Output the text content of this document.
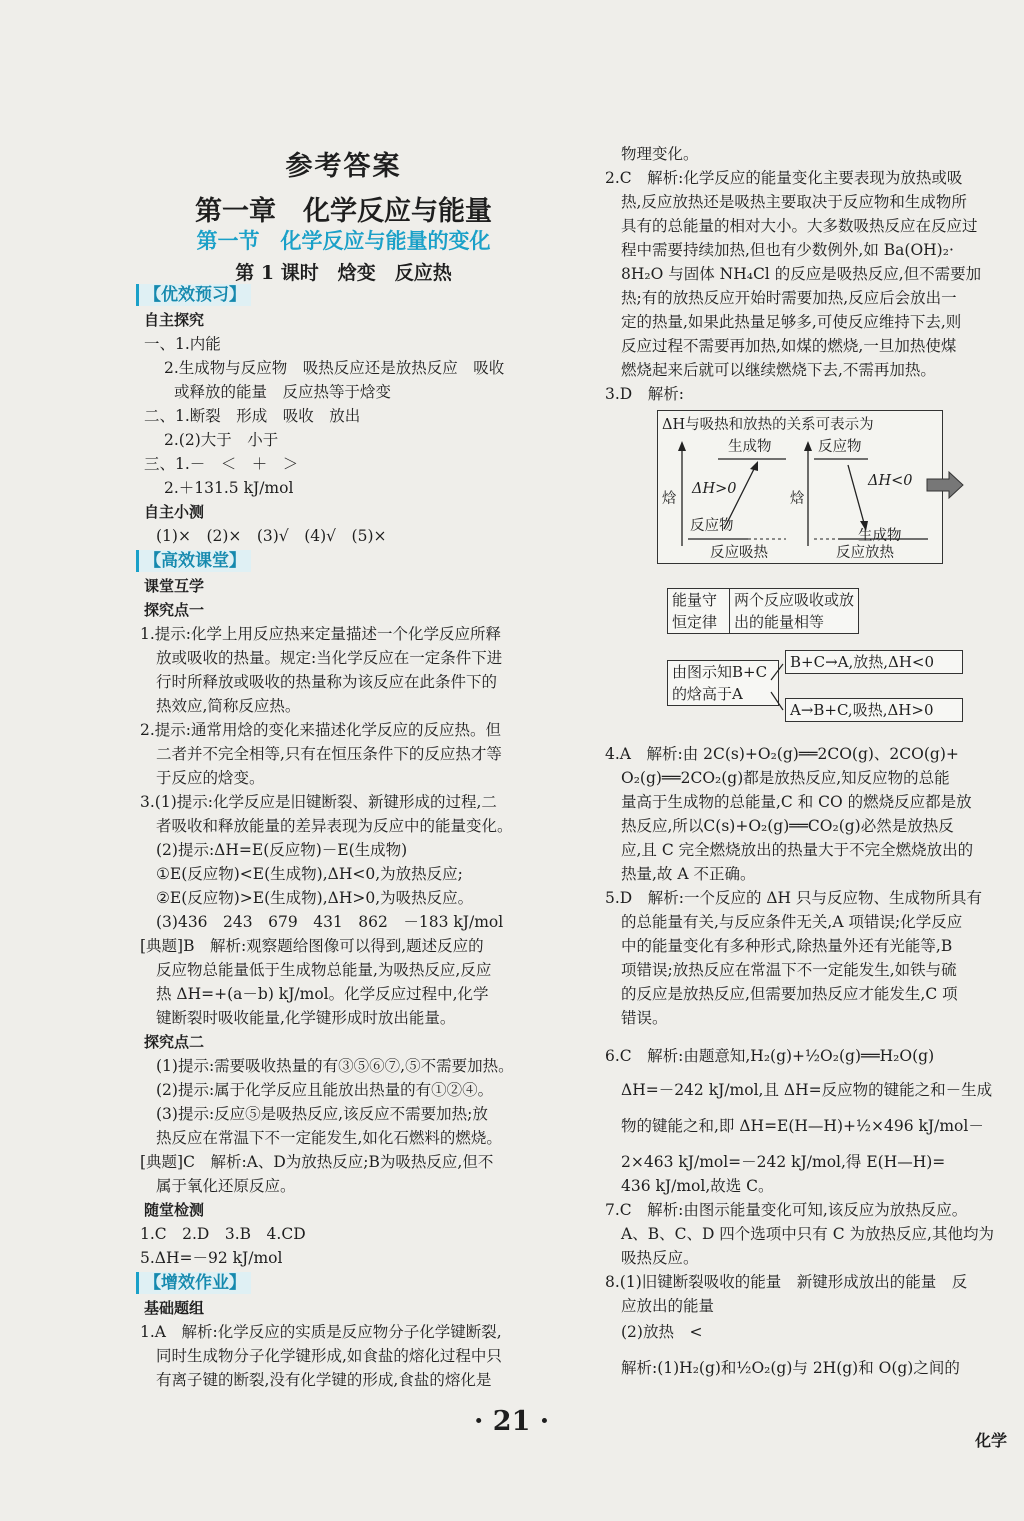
参考答案
第一章　化学反应与能量
第一节　化学反应与能量的变化
第 1 课时　焓变　反应热
【优效预习】
自主探究
一、1.内能
2.生成物与反应物　吸热反应还是放热反应　吸收
或释放的能量　反应热等于焓变
二、1.断裂　形成　吸收　放出
2.(2)大于　小于
三、1.－　＜　＋　＞
2.＋131.5 kJ/mol
自主小测
(1)×　(2)×　(3)√　(4)√　(5)×
【高效课堂】
课堂互学
探究点一
1.提示:化学上用反应热来定量描述一个化学反应所释
放或吸收的热量。规定:当化学反应在一定条件下进
行时所释放或吸收的热量称为该反应在此条件下的
热效应,简称反应热。
2.提示:通常用焓的变化来描述化学反应的反应热。但
二者并不完全相等,只有在恒压条件下的反应热才等
于反应的焓变。
3.(1)提示:化学反应是旧键断裂、新键形成的过程,二
者吸收和释放能量的差异表现为反应中的能量变化。
(2)提示:ΔH=E(反应物)－E(生成物)
①E(反应物)<E(生成物),ΔH<0,为放热反应;
②E(反应物)>E(生成物),ΔH>0,为吸热反应。
(3)436　243　679　431　862　－183 kJ/mol
[典题]B　解析:观察题给图像可以得到,题述反应的
反应物总能量低于生成物总能量,为吸热反应,反应
热 ΔH=+(a－b) kJ/mol。化学反应过程中,化学
键断裂时吸收能量,化学键形成时放出能量。
探究点二
(1)提示:需要吸收热量的有③⑤⑥⑦,⑤不需要加热。
(2)提示:属于化学反应且能放出热量的有①②④。
(3)提示:反应⑤是吸热反应,该反应不需要加热;放
热反应在常温下不一定能发生,如化石燃料的燃烧。
[典题]C　解析:A、D为放热反应;B为吸热反应,但不
属于氧化还原反应。
随堂检测
1.C　2.D　3.B　4.CD
5.ΔH=－92 kJ/mol
【增效作业】
基础题组
1.A　解析:化学反应的实质是反应物分子化学键断裂,
同时生成物分子化学键形成,如食盐的熔化过程中只
有离子键的断裂,没有化学键的形成,食盐的熔化是
物理变化。
2.C　解析:化学反应的能量变化主要表现为放热或吸
热,反应放热还是吸热主要取决于反应物和生成物所
具有的总能量的相对大小。大多数吸热反应在反应过
程中需要持续加热,但也有少数例外,如 Ba(OH)₂·
8H₂O 与固体 NH₄Cl 的反应是吸热反应,但不需要加
热;有的放热反应开始时需要加热,反应后会放出一
定的热量,如果此热量足够多,可使反应维持下去,则
反应过程不需要再加热,如煤的燃烧,一旦加热使煤
燃烧起来后就可以继续燃烧下去,不需再加热。
3.D　解析:
4.A　解析:由 2C(s)+O₂(g)══2CO(g)、2CO(g)+
O₂(g)══2CO₂(g)都是放热反应,知反应物的总能
量高于生成物的总能量,C 和 CO 的燃烧反应都是放
热反应,所以C(s)+O₂(g)══CO₂(g)必然是放热反
应,且 C 完全燃烧放出的热量大于不完全燃烧放出的
热量,故 A 不正确。
5.D　解析:一个反应的 ΔH 只与反应物、生成物所具有
的总能量有关,与反应条件无关,A 项错误;化学反应
中的能量变化有多种形式,除热量外还有光能等,B
项错误;放热反应在常温下不一定能发生,如铁与硫
的反应是放热反应,但需要加热反应才能发生,C 项
错误。
6.C　解析:由题意知,H₂(g)+½O₂(g)══H₂O(g)
ΔH=－242 kJ/mol,且 ΔH=反应物的键能之和－生成
物的键能之和,即 ΔH=E(H—H)+½×496 kJ/mol－
2×463 kJ/mol=－242 kJ/mol,得 E(H—H)=
436 kJ/mol,故选 C。
7.C　解析:由图示能量变化可知,该反应为放热反应。
A、B、C、D 四个选项中只有 C 为放热反应,其他均为
吸热反应。
8.(1)旧键断裂吸收的能量　新键形成放出的能量　反
应放出的能量
(2)放热　<
解析:(1)H₂(g)和½O₂(g)与 2H(g)和 O(g)之间的
ΔH与吸热和放热的关系可表示为
生成物
反应物
ΔH>0
焓
反应吸热
反应物
生成物
ΔH<0
焓
反应放热
能量守恒定律
两个反应吸收或放出的能量相等
由图示知B+C的焓高于A
B+C→A,放热,ΔH<0
A→B+C,吸热,ΔH>0
· 21 ·
化学
